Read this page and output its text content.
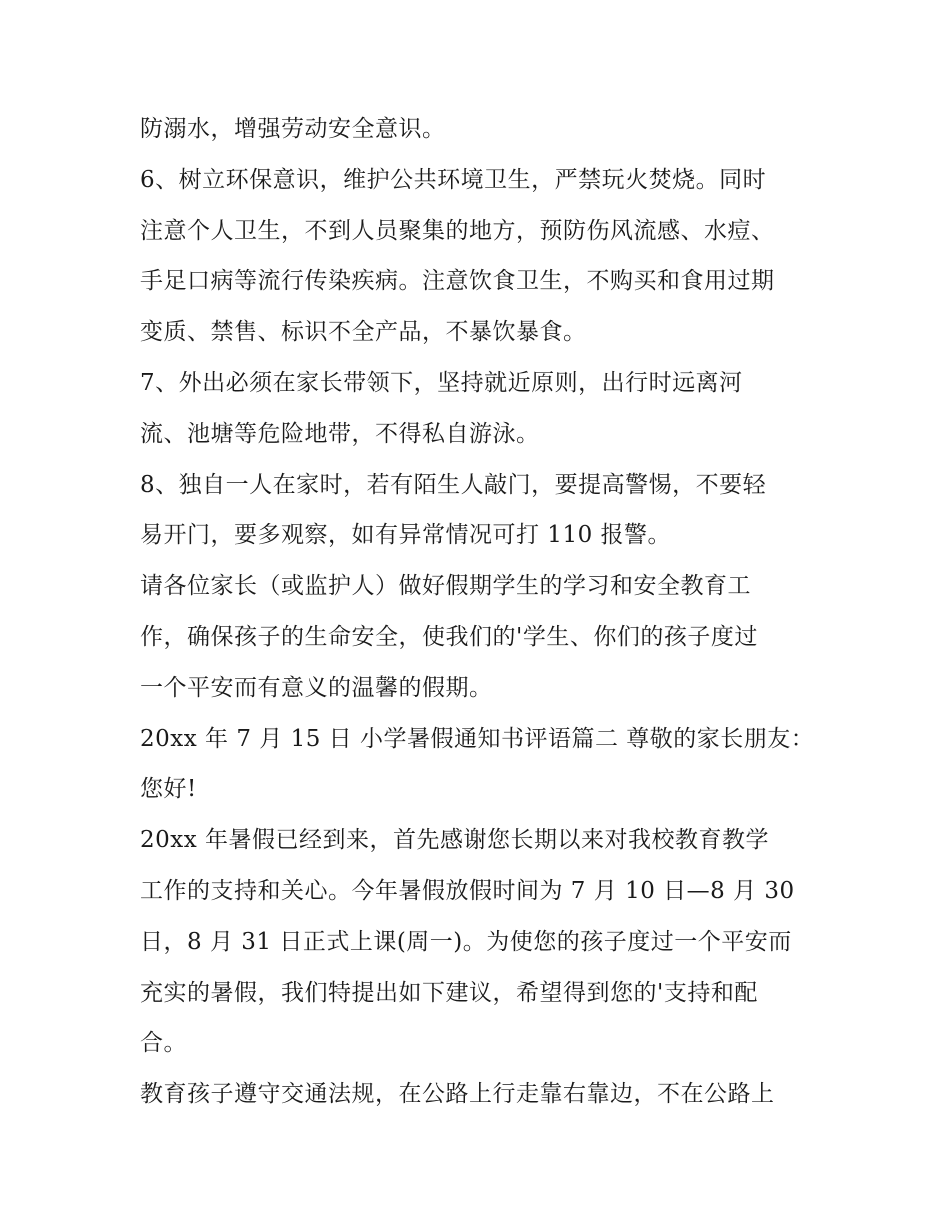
防溺水，增强劳动安全意识。
6、树立环保意识，维护公共环境卫生，严禁玩火焚烧。同时
注意个人卫生，不到人员聚集的地方，预防伤风流感、水痘、
手足口病等流行传染疾病。注意饮食卫生，不购买和食用过期
变质、禁售、标识不全产品，不暴饮暴食。
7、外出必须在家长带领下，坚持就近原则，出行时远离河
流、池塘等危险地带，不得私自游泳。
8、独自一人在家时，若有陌生人敲门，要提高警惕，不要轻
易开门，要多观察，如有异常情况可打 110 报警。
请各位家长（或监护人）做好假期学生的学习和安全教育工
作，确保孩子的生命安全，使我们的'学生、你们的孩子度过
一个平安而有意义的温馨的假期。
20xx 年 7 月 15 日 小学暑假通知书评语篇二 尊敬的家长朋友：
您好!
20xx 年暑假已经到来，首先感谢您长期以来对我校教育教学
工作的支持和关心。今年暑假放假时间为 7 月 10 日—8 月 30
日，8 月 31 日正式上课(周一)。为使您的孩子度过一个平安而
充实的暑假，我们特提出如下建议，希望得到您的'支持和配
合。
教育孩子遵守交通法规，在公路上行走靠右靠边，不在公路上
